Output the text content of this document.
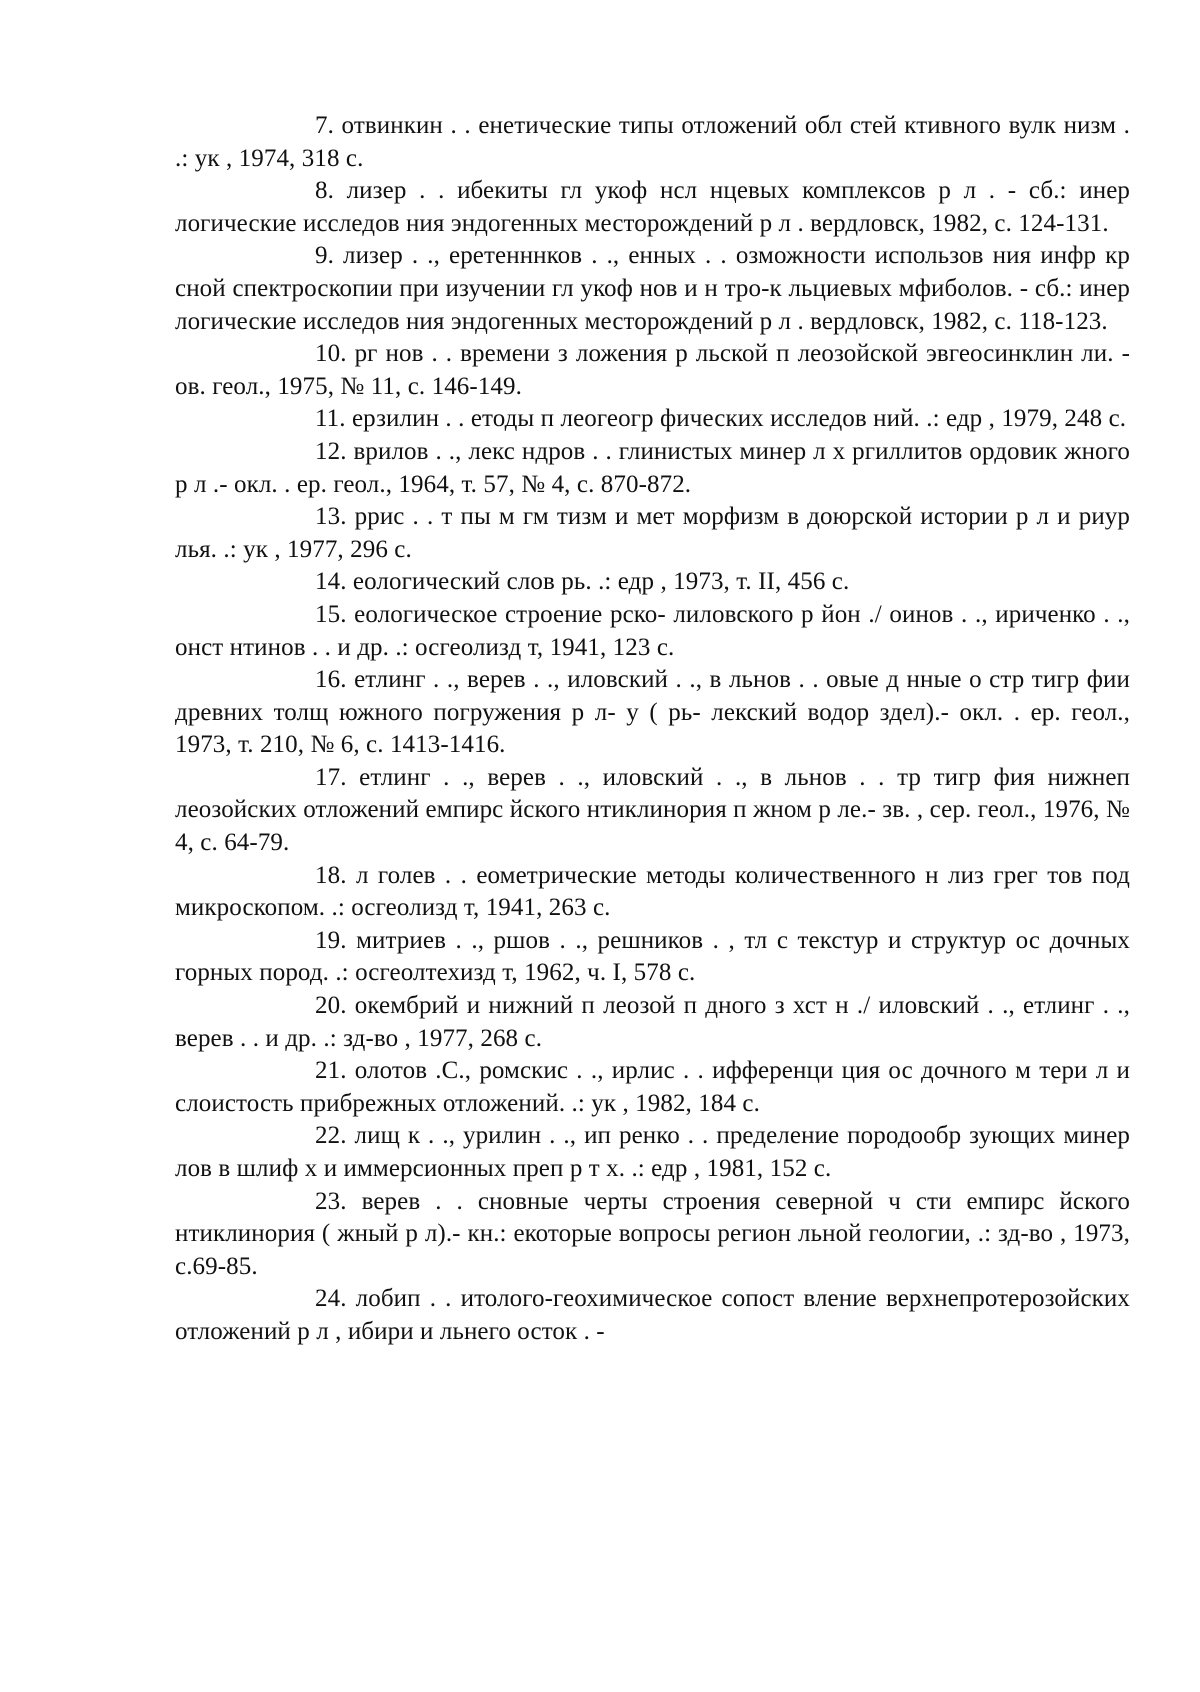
7. отвинкин . . енетические типы отложений обл стей ктивного вулк низм . .: ук , 1974, 318 с.

8. лизер . . ибекиты гл укоф нсл нцевых комплексов р л . - сб.: инер логические исследов ния эндогенных месторождений р л . вердловск, 1982, с. 124-131.

9. лизер . ., еретенннков . ., енных . . озможности использов ния инфр кр сной спектроскопии при изучении гл укоф нов и н тро-к льциевых мфиболов. - сб.: инер логические исследов ния эндогенных месторождений р л . вердловск, 1982, с. 118-123.

10. рг нов . . времени з ложения р льской п леозойской эвгеосинклин ли. - ов. геол., 1975, № 11, с. 146-149.

11. ерзилин . . етоды п леогеогр фических исследов ний. .: едр , 1979, 248 с.

12. врилов . ., лекс ндров . . глинистых минер л х ргиллитов ордовик жного р л .- окл. . ер. геол., 1964, т. 57, № 4, с. 870-872.

13. ррис . . т пы м гм тизм и мет морфизм в доюрской истории р л и риур лья. .: ук , 1977, 296 с.

14. еологический слов рь. .: едр , 1973, т. II, 456 с.

15. еологическое строение рско- лиловского р йон ./ оинов . ., ириченко . ., онст нтинов . . и др. .: осгеолизд т, 1941, 123 с.

16. етлинг . ., верев . ., иловский . ., в льнов . . овые д нные о стр тигр фии древних толщ южного погружения р л- у ( рь- лекский водор здел).- окл. . ер. геол., 1973, т. 210, № 6, с. 1413-1416.

17. етлинг . ., верев . ., иловский . ., в льнов . . тр тигр фия нижнеп леозойских отложений емпирс йского нтиклинория п жном р ле.- зв. , сер. геол., 1976, № 4, с. 64-79.

18. л голев . . еометрические методы количественного н лиз грег тов под микроскопом. .: осгеолизд т, 1941, 263 с.

19. митриев . ., ршов . ., решников . , тл с текстур и структур ос дочных горных пород. .: осгеолтехизд т, 1962, ч. I, 578 с.

20. окембрий и нижний п леозой п дного з хст н ./ иловский . ., етлинг . ., верев . . и др. .: зд-во , 1977, 268 с.

21. олотов .С., ромскис . ., ирлис . . ифференци ция ос дочного м тери л и слоистость прибрежных отложений. .: ук , 1982, 184 с.

22. лищ к . ., урилин . ., ип ренко . . пределение породообр зующих минер лов в шлиф х и иммерсионных преп р т х. .: едр , 1981, 152 с.

23. верев . . сновные черты строения северной ч сти емпирс йского нтиклинория ( жный р л).- кн.: екоторые вопросы регион льной геологии, .: зд-во , 1973, с.69-85.

24. лобип . . итолого-геохимическое сопост вление верхнепротерозойских отложений р л , ибири и льнего осток . -
